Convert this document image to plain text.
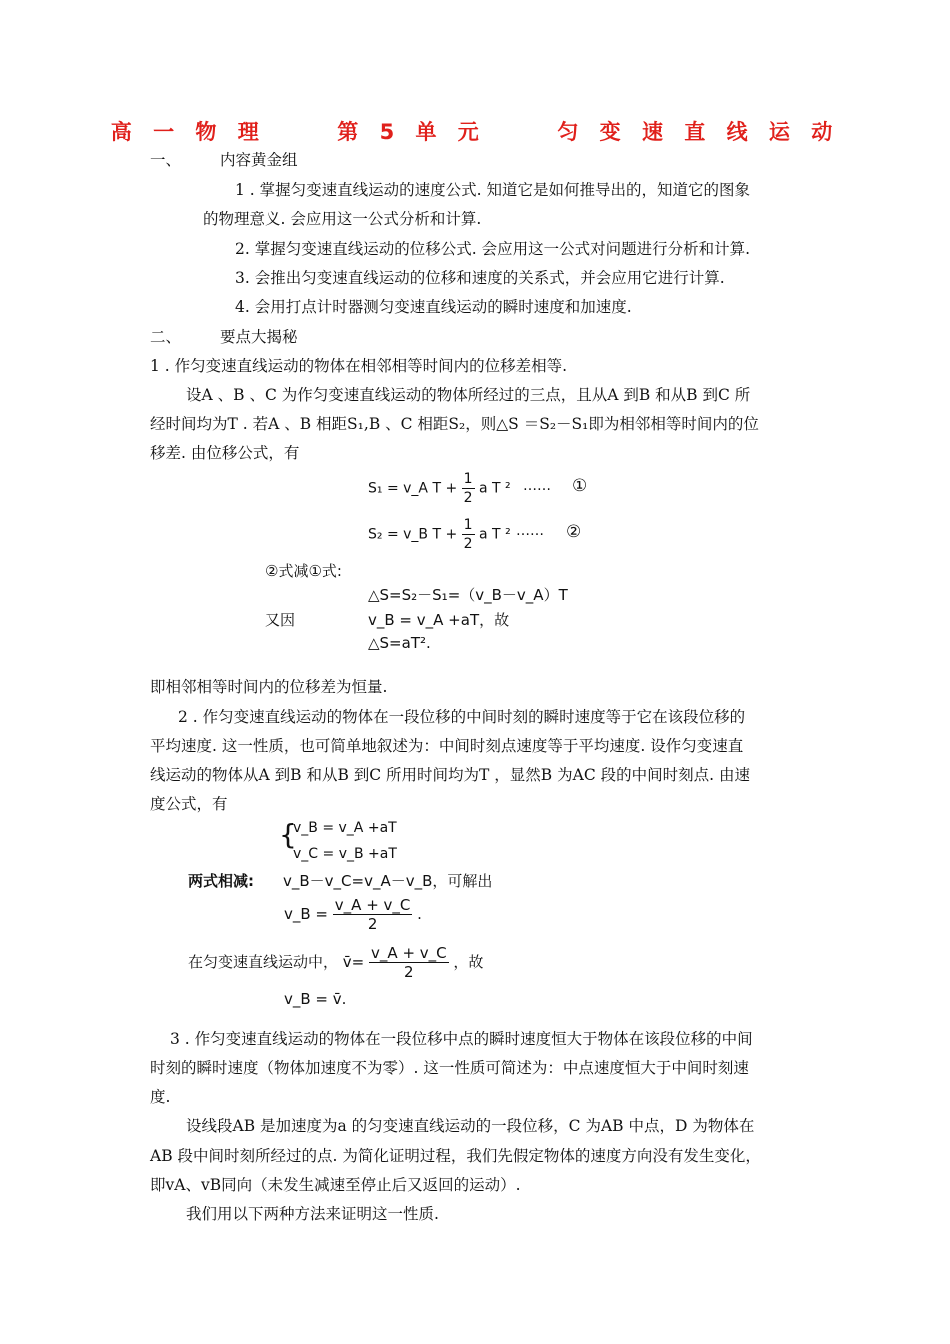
高 一 物 理     第 5 单 元     匀 变 速 直 线 运 动
一、	内容黄金组
1 . 掌握匀变速直线运动的速度公式. 知道它是如何推导出的，知道它的图象
的物理意义. 会应用这一公式分析和计算.
2. 掌握匀变速直线运动的位移公式. 会应用这一公式对问题进行分析和计算.
3. 会推出匀变速直线运动的位移和速度的关系式，并会应用它进行计算.
4. 会用打点计时器测匀变速直线运动的瞬时速度和加速度.
二、	要点大揭秘
1 . 作匀变速直线运动的物体在相邻相等时间内的位移差相等.
设A 、B 、C 为作匀变速直线运动的物体所经过的三点，且从A 到B 和从B 到C 所
经时间均为T . 若A 、B 相距S₁,B 、C 相距S₂，则△S ＝S₂－S₁即为相邻相等时间内的位
移差. 由位移公式，有
S₁ = v_A $T + \frac{1}{2}$ a T ² …… ①
S₂ = v_B $T + \frac{1}{2}$ a T ² …… ②
②式减①式:
△S=S₂－S₁=（v_B－v_A）T
又因	v_B = v_A +aT，故
△S=aT².
即相邻相等时间内的位移差为恒量.
2 . 作匀变速直线运动的物体在一段位移的中间时刻的瞬时速度等于它在该段位移的
平均速度. 这一性质，也可简单地叙述为：中间时刻点速度等于平均速度. 设作匀变速直
线运动的物体从A 到B 和从B 到C 所用时间均为T ，显然B 为AC 段的中间时刻点. 由速
度公式，有
{
v_B = v_A +aT
v_C = v_B +aT
两式相减: v_B－v_C=v_A－v_B，可解出
v_B = $\frac{v\_A + v\_C}{2}$ .
在匀变速直线运动中， v̄= $\frac{v\_A + v\_C}{2}$ ，故
v_B = v̄.
3 . 作匀变速直线运动的物体在一段位移中点的瞬时速度恒大于物体在该段位移的中间
时刻的瞬时速度（物体加速度不为零）. 这一性质可简述为：中点速度恒大于中间时刻速
度.
设线段AB 是加速度为a 的匀变速直线运动的一段位移，C 为AB 中点，D 为物体在
AB 段中间时刻所经过的点. 为简化证明过程，我们先假定物体的速度方向没有发生变化，
即vA、vB同向（未发生减速至停止后又返回的运动）.
我们用以下两种方法来证明这一性质.
